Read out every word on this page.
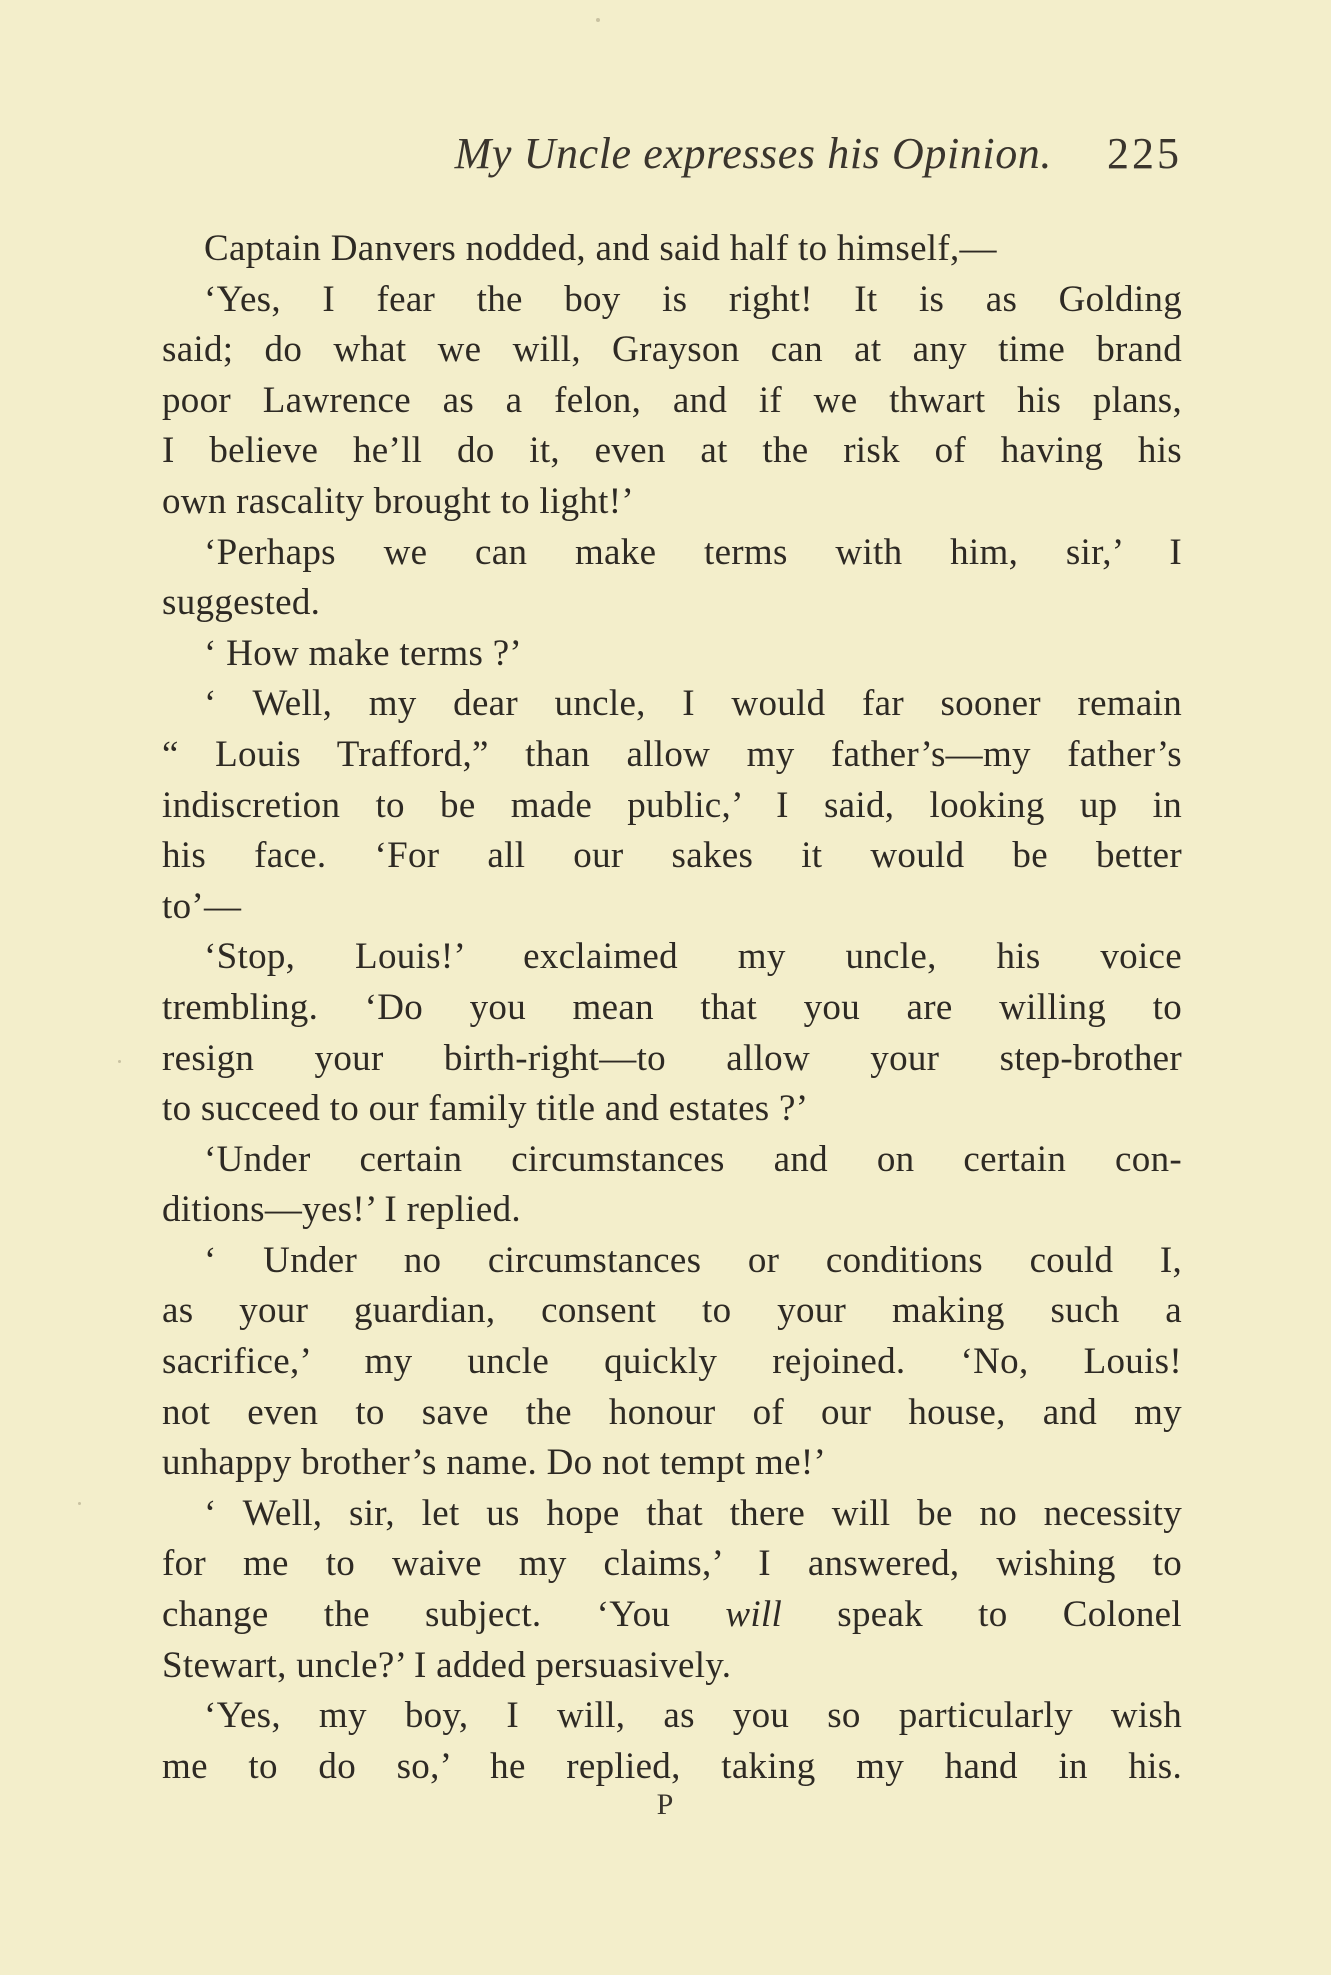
My Uncle expresses his Opinion. 225
Captain Danvers nodded, and said half to himself,—
‘Yes, I fear the boy is right! It is as Golding
said; do what we will, Grayson can at any time brand
poor Lawrence as a felon, and if we thwart his plans,
I believe he’ll do it, even at the risk of having his
own rascality brought to light!’
‘Perhaps we can make terms with him, sir,’ I
suggested.
‘ How make terms ?’
‘ Well, my dear uncle, I would far sooner remain
“ Louis Trafford,” than allow my father’s—my father’s
indiscretion to be made public,’ I said, looking up in
his face. ‘For all our sakes it would be better
to’—
‘Stop, Louis!’ exclaimed my uncle, his voice
trembling. ‘Do you mean that you are willing to
resign your birth-right—to allow your step-brother
to succeed to our family title and estates ?’
‘Under certain circumstances and on certain con-
ditions—yes!’ I replied.
‘ Under no circumstances or conditions could I,
as your guardian, consent to your making such a
sacrifice,’ my uncle quickly rejoined. ‘No, Louis!
not even to save the honour of our house, and my
unhappy brother’s name. Do not tempt me!’
‘ Well, sir, let us hope that there will be no necessity
for me to waive my claims,’ I answered, wishing to
change the subject. ‘You will speak to Colonel
Stewart, uncle?’ I added persuasively.
‘Yes, my boy, I will, as you so particularly wish
me to do so,’ he replied, taking my hand in his.
P
